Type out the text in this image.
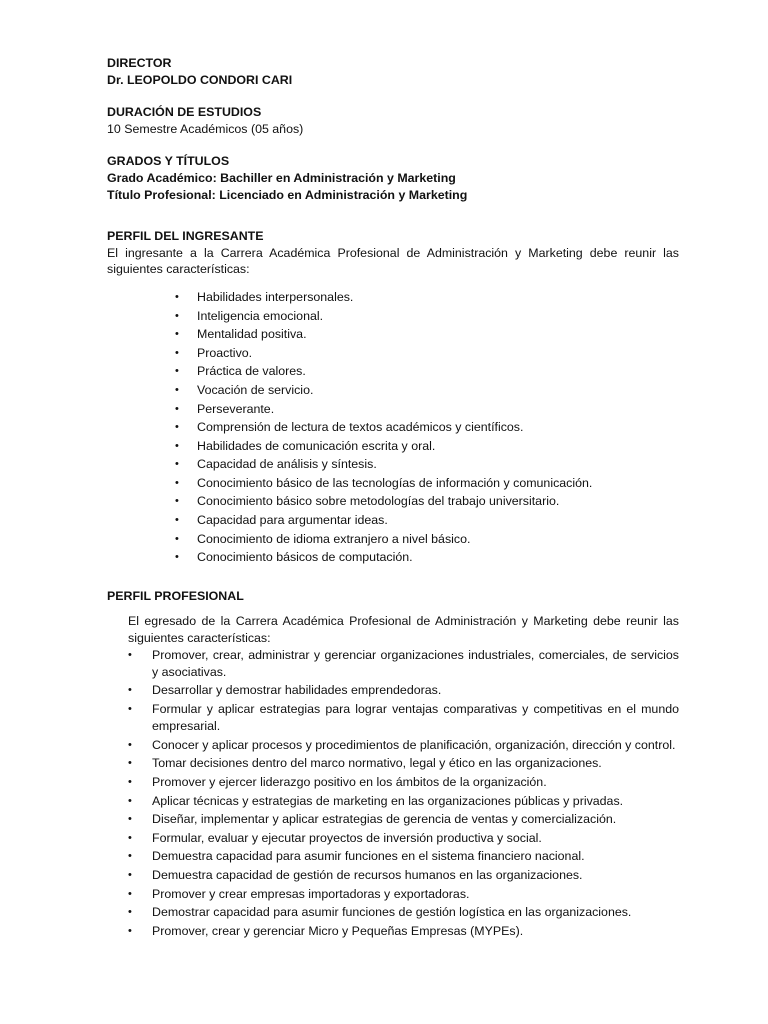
DIRECTOR
Dr. LEOPOLDO CONDORI CARI
DURACIÓN DE ESTUDIOS
10 Semestre Académicos (05 años)
GRADOS Y TÍTULOS
Grado Académico: Bachiller en Administración y Marketing
Título Profesional: Licenciado en Administración y Marketing
PERFIL DEL INGRESANTE
El ingresante a la Carrera Académica Profesional de Administración y Marketing debe reunir las siguientes características:
• Habilidades interpersonales.
• Inteligencia emocional.
• Mentalidad positiva.
• Proactivo.
• Práctica de valores.
• Vocación de servicio.
• Perseverante.
• Comprensión de lectura de textos académicos y científicos.
• Habilidades de comunicación escrita y oral.
• Capacidad de análisis y síntesis.
• Conocimiento básico de las tecnologías de información y comunicación.
• Conocimiento básico sobre metodologías del trabajo universitario.
• Capacidad para argumentar ideas.
• Conocimiento de idioma extranjero a nivel básico.
• Conocimiento básicos de computación.
PERFIL PROFESIONAL
El egresado de la Carrera Académica Profesional de Administración y Marketing debe reunir las siguientes características:
• Promover, crear, administrar y gerenciar organizaciones industriales, comerciales, de servicios y asociativas.
• Desarrollar y demostrar habilidades emprendedoras.
• Formular y aplicar estrategias para lograr ventajas comparativas y competitivas en el mundo empresarial.
• Conocer y aplicar procesos y procedimientos de planificación, organización, dirección y control.
• Tomar decisiones dentro del marco normativo, legal y ético en las organizaciones.
• Promover y ejercer liderazgo positivo en los ámbitos de la organización.
• Aplicar técnicas y estrategias de marketing en las organizaciones públicas y privadas.
• Diseñar, implementar y aplicar estrategias de gerencia de ventas y comercialización.
• Formular, evaluar y ejecutar proyectos de inversión productiva y social.
• Demuestra capacidad para asumir funciones en el sistema financiero nacional.
• Demuestra capacidad de gestión de recursos humanos en las organizaciones.
• Promover y crear empresas importadoras y exportadoras.
• Demostrar capacidad para asumir funciones de gestión logística en las organizaciones.
• Promover, crear y gerenciar Micro y Pequeñas Empresas (MYPEs).
